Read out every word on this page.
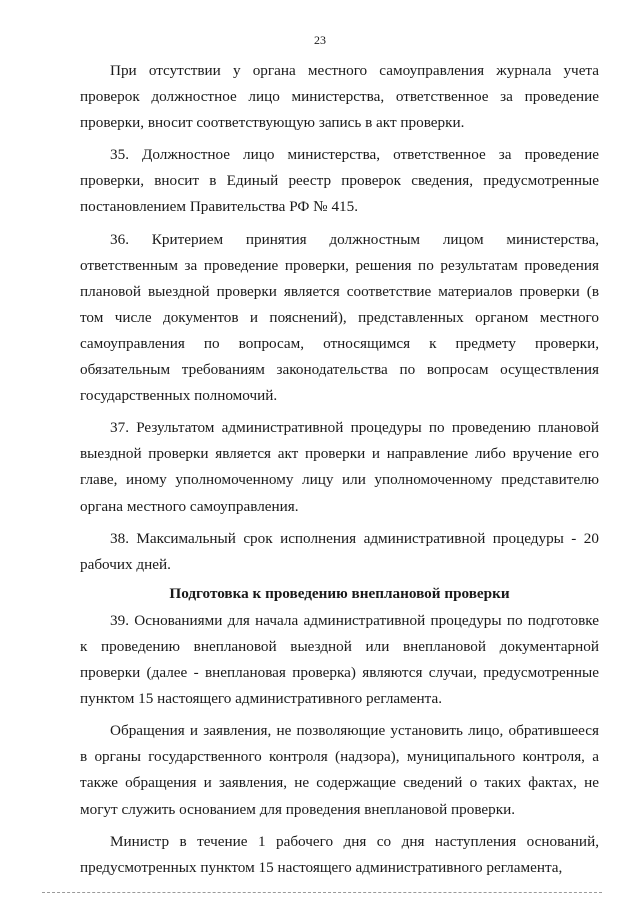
23

При отсутствии у органа местного самоуправления журнала учета проверок должностное лицо министерства, ответственное за проведение проверки, вносит соответствующую запись в акт проверки.

35. Должностное лицо министерства, ответственное за проведение проверки, вносит в Единый реестр проверок сведения, предусмотренные постановлением Правительства РФ № 415.

36. Критерием принятия должностным лицом министерства, ответственным за проведение проверки, решения по результатам проведения плановой выездной проверки является соответствие материалов проверки (в том числе документов и пояснений), представленных органом местного самоуправления по вопросам, относящимся к предмету проверки, обязательным требованиям законодательства по вопросам осуществления государственных полномочий.

37. Результатом административной процедуры по проведению плановой выездной проверки является акт проверки и направление либо вручение его главе, иному уполномоченному лицу или уполномоченному представителю органа местного самоуправления.

38. Максимальный срок исполнения административной процедуры - 20 рабочих дней.

Подготовка к проведению внеплановой проверки

39. Основаниями для начала административной процедуры по подготовке к проведению внеплановой выездной или внеплановой документарной проверки (далее - внеплановая проверка) являются случаи, предусмотренные пунктом 15 настоящего административного регламента.

Обращения и заявления, не позволяющие установить лицо, обратившееся в органы государственного контроля (надзора), муниципального контроля, а также обращения и заявления, не содержащие сведений о таких фактах, не могут служить основанием для проведения внеплановой проверки.

Министр в течение 1 рабочего дня со дня наступления оснований, предусмотренных пунктом 15 настоящего административного регламента,
